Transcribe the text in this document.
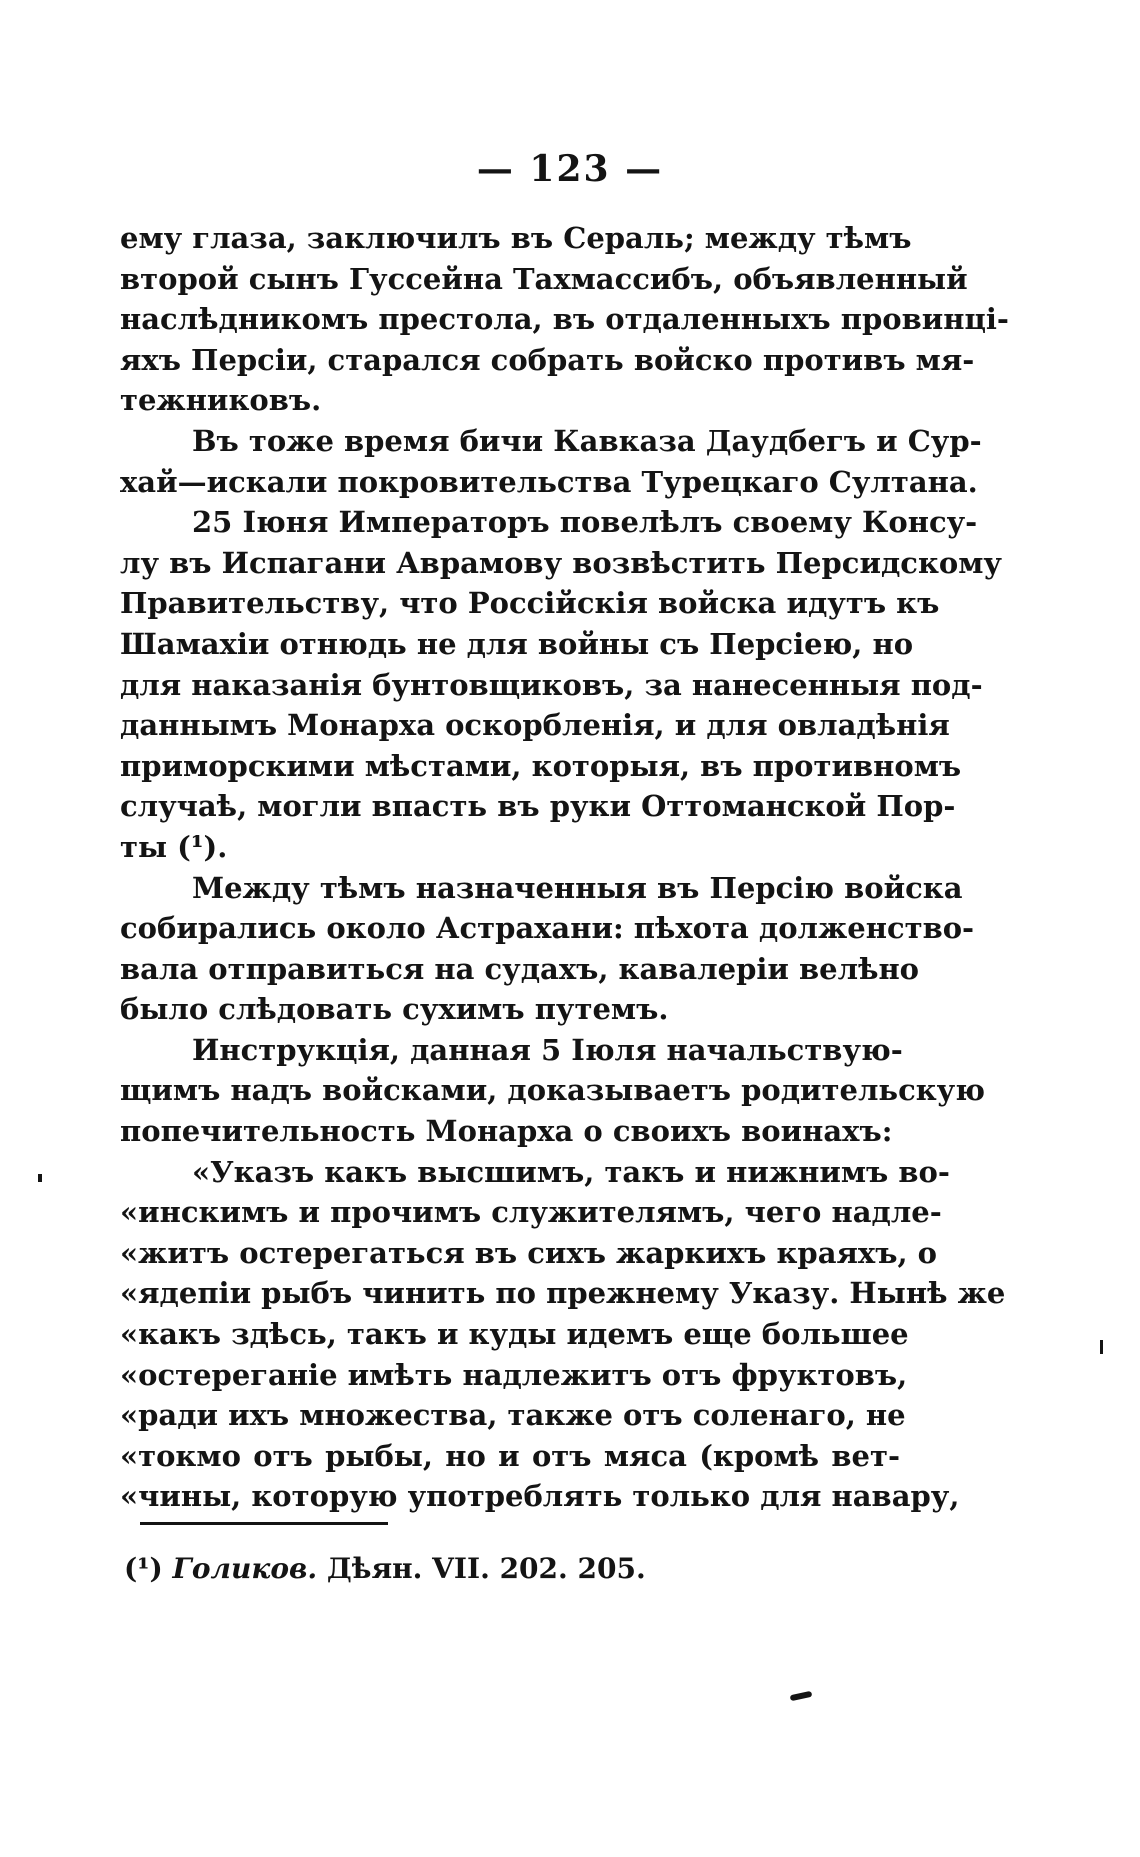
— 123 —
ему глаза, заключилъ въ Сераль; между тѣмъ
второй сынъ Гуссейна Тахмассибъ, объявленный
наслѣдникомъ престола, въ отдаленныхъ провинці-
яхъ Персіи, старался собрать войско противъ мя-
тежниковъ.
Въ тоже время бичи Кавказа Даудбегъ и Сур-
хай—искали покровительства Турецкаго Султана.
25 Іюня Императоръ повелѣлъ своему Консу-
лу въ Испагани Аврамову возвѣстить Персидскому
Правительству, что Россійскія войска идутъ къ
Шамахіи отнюдь не для войны съ Персіею, но
для наказанія бунтовщиковъ, за нанесенныя под-
даннымъ Монарха оскорбленія, и для овладѣнія
приморскими мѣстами, которыя, въ противномъ
случаѣ, могли впасть въ руки Оттоманской Пор-
ты (¹).
Между тѣмъ назначенныя въ Персію войска
собирались около Астрахани: пѣхота долженство-
вала отправиться на судахъ, кавалеріи велѣно
было слѣдовать сухимъ путемъ.
Инструкція, данная 5 Іюля начальствую-
щимъ надъ войсками, доказываетъ родительскую
попечительность Монарха о своихъ воинахъ:
«Указъ какъ высшимъ, такъ и нижнимъ во-
«инскимъ и прочимъ служителямъ, чего надле-
«житъ остерегаться въ сихъ жаркихъ краяхъ, о
«ядепіи рыбъ чинить по прежнему Указу. Нынѣ же
«какъ здѣсь, такъ и куды идемъ еще большее
«остереганіе имѣть надлежитъ отъ фруктовъ,
«ради ихъ множества, также отъ соленаго, не
«токмо отъ рыбы, но и отъ мяса (кромѣ вет-
«чины, которую употреблять только для навару,
(¹) Голиков. Дѣян. VII. 202. 205.
